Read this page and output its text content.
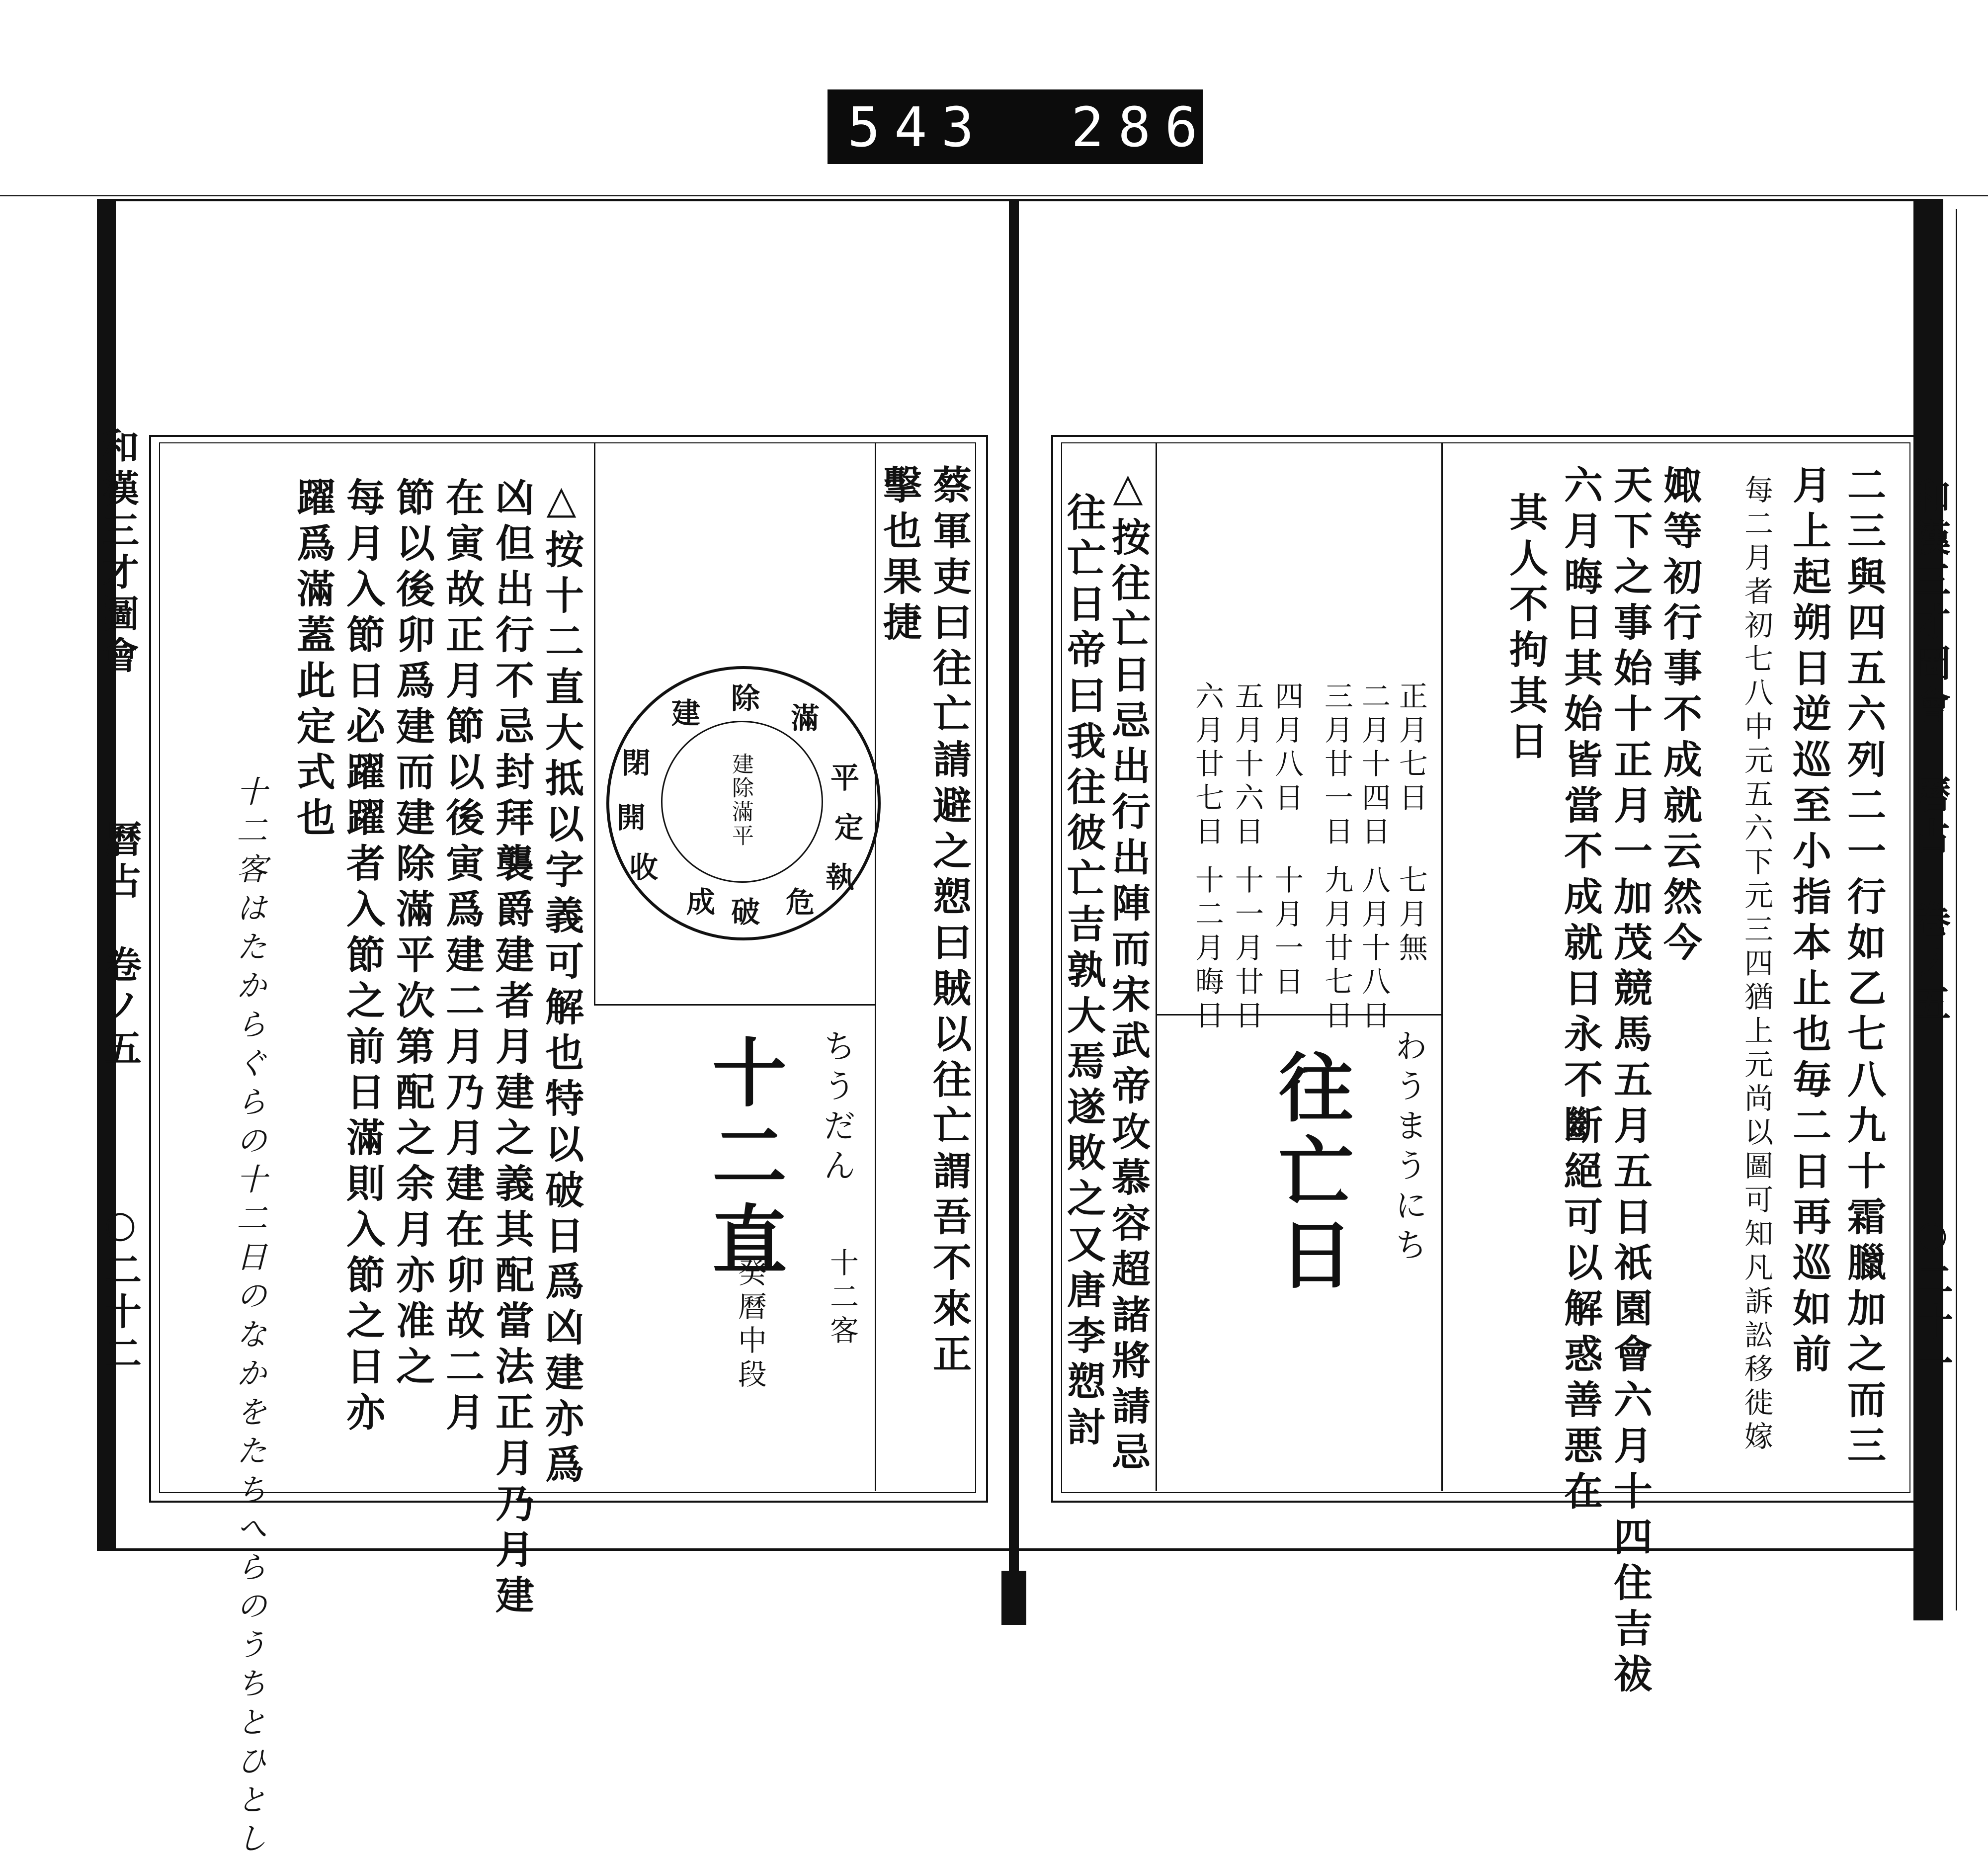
543 286.
和漢三才圖會
曆占　卷ノ五
○二十二	蔡軍吏曰往亡請避之愬曰賊以往亡謂吾不來正
擊也果捷
平
定
執
破 危
成
收
開
閉
建 除
滿
建除滿平
ちうだん
十二直
十二客
癸曆中段
△按十二直大抵以字義可解也特以破日爲凶建亦爲
凶但出行不忌封拜襲爵建者月建之義其配當法正月乃月建
在寅故正月節以後寅爲建二月乃月建在卯故二月
節以後卯爲建而建除滿平次第配之余月亦准之
每月入節日必躍躍者入節之前日滿則入節之日亦
躍爲滿蓋此定式也
十二客はたからぐらの十二日のなかをたちへらのうちとひとし
和漢三才圖會
曆占　卷ノ五
○二十一
二三與四五六列二一行如乙七八九十霜臘加之而三
月上起朔日逆巡至小指本止也毎二日再巡如前
每二月者初七八中元五六下元三四猶上元尚以圖可知凡訴訟移徙嫁
娵等初行事不成就云然今
天下之事始十正月一加茂競馬五月五日祇園會六月十四住吉祓
六月晦日其始皆當不成就日永不斷絕可以解惑善悪在
其人不拘其日
正月七日
二月十四日
三月廿一日
四月八日
五月十六日
六月廿七日
七月無
八月十八日
九月廿七日
十月一日
十一月廿日
十二月晦日
わうまうにち
往亡日
△按往亡日忌出行出陣而宋武帝攻慕容超諸將請忌
往亡日帝曰我往彼亡吉孰大焉遂敗之又唐李愬討
